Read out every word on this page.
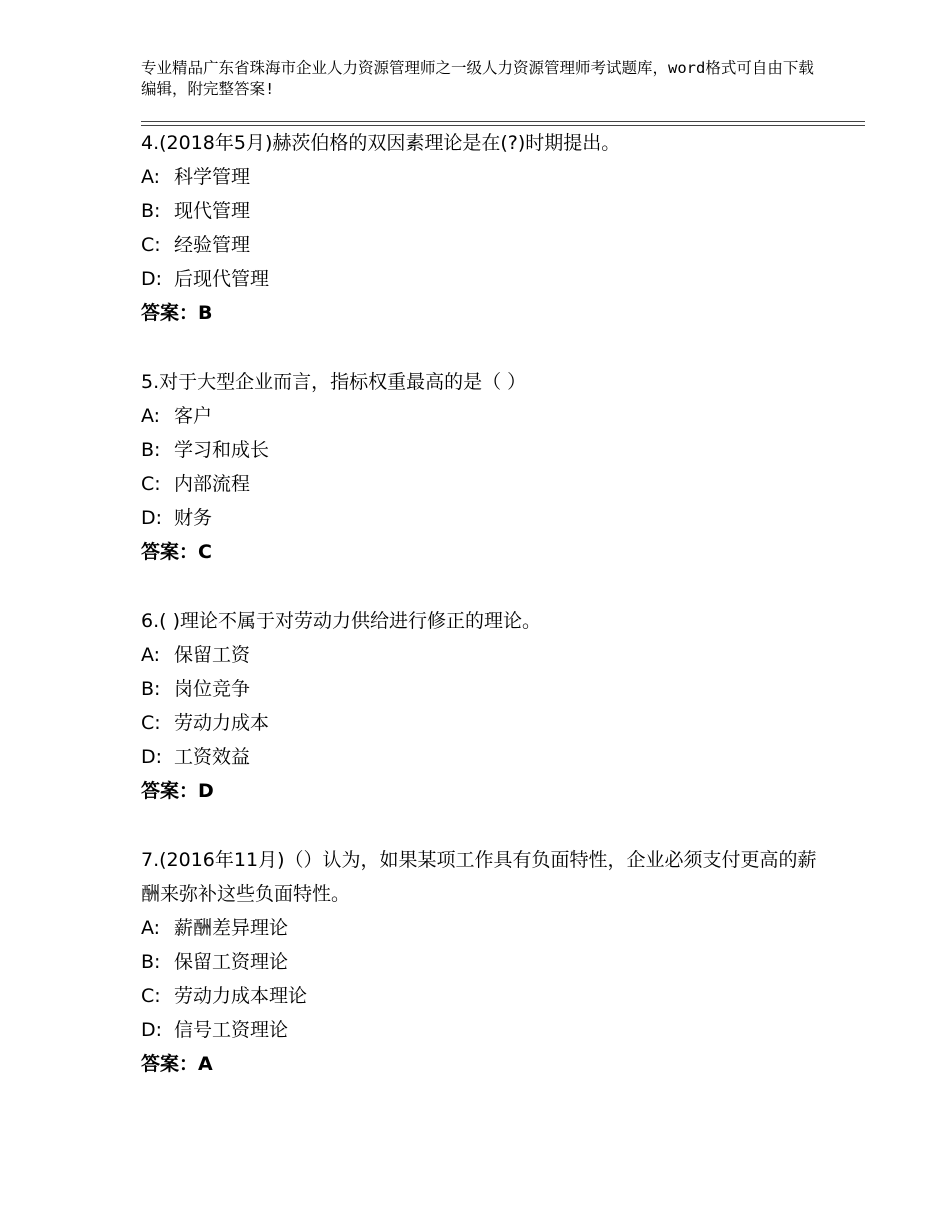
专业精品广东省珠海市企业人力资源管理师之一级人力资源管理师考试题库，word格式可自由下载编辑，附完整答案!
4.(2018年5月)赫茨伯格的双因素理论是在(?)时期提出。
A: 科学管理
B: 现代管理
C: 经验管理
D: 后现代管理
答案：B
5.对于大型企业而言，指标权重最高的是（ ）
A: 客户
B: 学习和成长
C: 内部流程
D: 财务
答案：C
6.( )理论不属于对劳动力供给进行修正的理论。
A: 保留工资
B: 岗位竞争
C: 劳动力成本
D: 工资效益
答案：D
7.(2016年11月)（）认为，如果某项工作具有负面特性，企业必须支付更高的薪酬来弥补这些负面特性。
A: 薪酬差异理论
B: 保留工资理论
C: 劳动力成本理论
D: 信号工资理论
答案：A
